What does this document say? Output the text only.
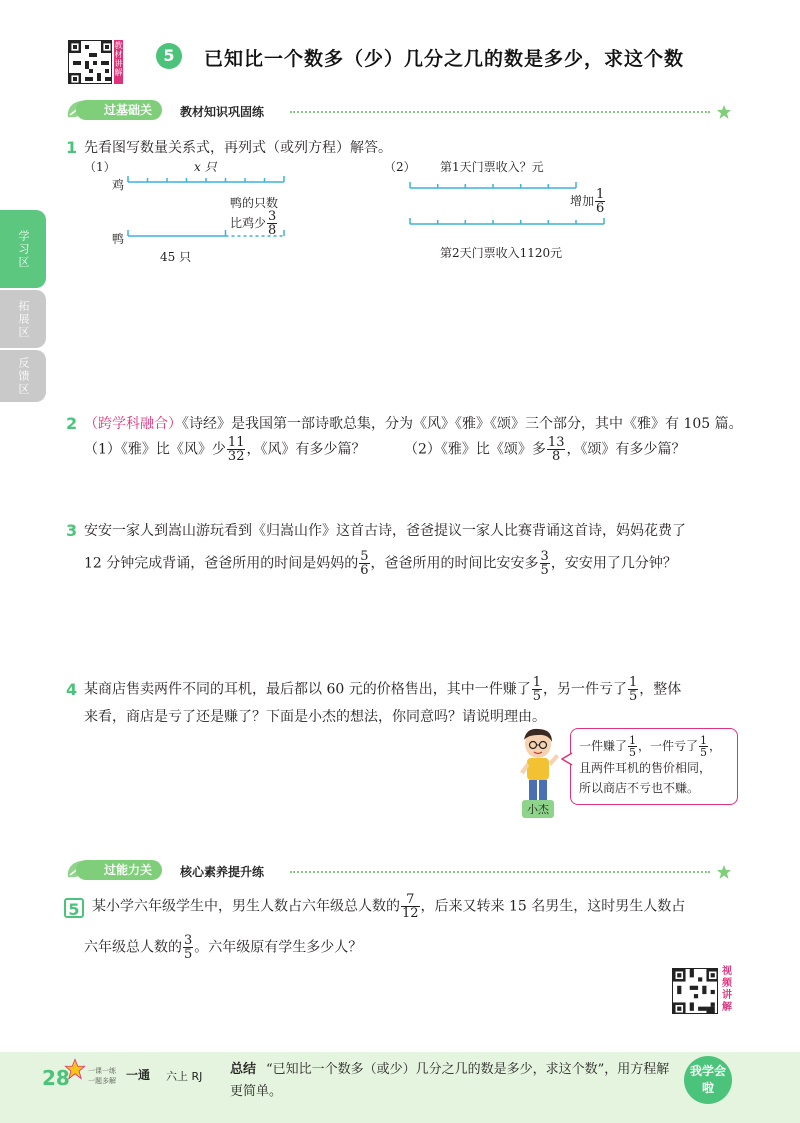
教材讲解
5	已知比一个数多（少）几分之几的数是多少，求这个数
过基础关	教材知识巩固练
学习区
拓展区
反馈区
1 先看图写数量关系式，再列式（或列方程）解答。
（1）	x 只
鸡
鸭的只数
比鸡少 $\frac{3}{8}$
鸭
45 只
（2） 第1天门票收入？元
增加 $\frac{1}{6}$
第2天门票收入1120元
2 （跨学科融合）《诗经》是我国第一部诗歌总集，分为《风》《雅》《颂》三个部分，其中《雅》有 105 篇。
（1）《雅》比《风》少 $\frac{11}{32}$ ，《风》有多少篇？	（2）《雅》比《颂》多 $\frac{13}{8}$ ，《颂》有多少篇？
3 安安一家人到嵩山游玩看到《归嵩山作》这首古诗，爸爸提议一家人比赛背诵这首诗，妈妈花费了
12 分钟完成背诵，爸爸所用的时间是妈妈的 $\frac{5}{6}$ ，爸爸所用的时间比安安多 $\frac{3}{5}$ ，安安用了几分钟？
4 某商店售卖两件不同的耳机，最后都以 60 元的价格售出，其中一件赚了 $\frac{1}{5}$ ，另一件亏了 $\frac{1}{5}$ ，整体
来看，商店是亏了还是赚了？下面是小杰的想法，你同意吗？请说明理由。
小杰
一件赚了 $\frac{1}{5}$ ，一件亏了 $\frac{1}{5}$ ，
且两件耳机的售价相同，
所以商店不亏也不赚。
过能力关	核心素养提升练
5 某小学六年级学生中，男生人数占六年级总人数的 $\frac{7}{12}$ ，后来又转来 15 名男生，这时男生人数占
六年级总人数的 $\frac{3}{5}$ 。六年级原有学生多少人？
视频讲解
28	一课一练
一题多解 一通 六上 RJ 总结 “已知比一个数多（或少）几分之几的数是多少，求这个数”，用方程解
更简单。
我学会啦
